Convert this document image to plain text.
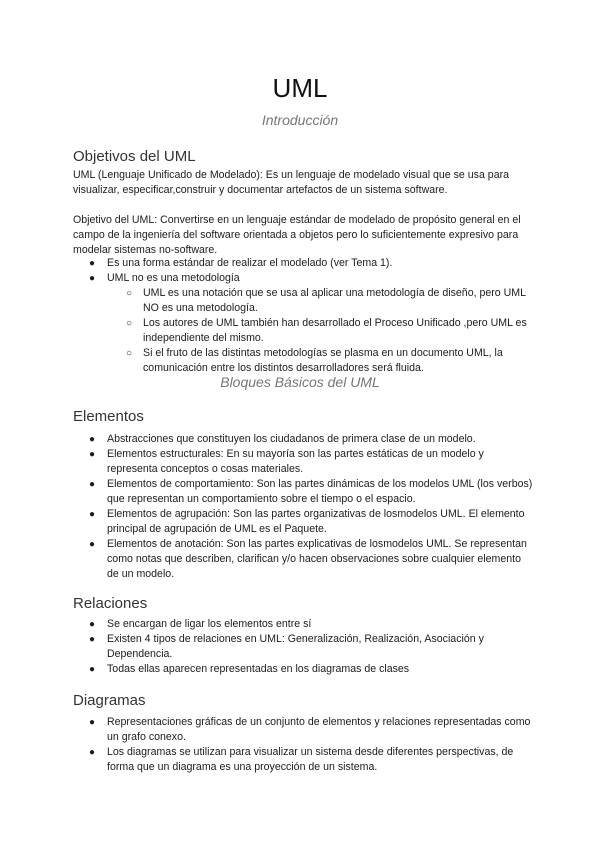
UML

Introducción

Objetivos del UML

UML (Lenguaje Unificado de Modelado): Es un lenguaje de modelado visual que se usa para visualizar, especificar,construir y documentar artefactos de un sistema software.

Objetivo del UML: Convertirse en un lenguaje estándar de modelado de propósito general en el campo de la ingeniería del software orientada a objetos pero lo suficientemente expresivo para modelar sistemas no-software.

● Es una forma estándar de realizar el modelado (ver Tema 1).
● UML no es una metodología
○ UML es una notación que se usa al aplicar una metodología de diseño, pero UML NO es una metodología.
○ Los autores de UML también han desarrollado el Proceso Unificado ,pero UML es independiente del mismo.
○ Si el fruto de las distintas metodologías se plasma en un documento UML, la comunicación entre los distintos desarrolladores será fluida.

Bloques Básicos del UML

Elementos
● Abstracciones que constituyen los ciudadanos de primera clase de un modelo.
● Elementos estructurales: En su mayoría son las partes estáticas de un modelo y representa conceptos o cosas materiales.
● Elementos de comportamiento: Son las partes dinámicas de los modelos UML (los verbos) que representan un comportamiento sobre el tiempo o el espacio.
● Elementos de agrupación: Son las partes organizativas de losmodelos UML. El elemento principal de agrupación de UML es el Paquete.
● Elementos de anotación: Son las partes explicativas de losmodelos UML. Se representan como notas que describen, clarifican y/o hacen observaciones sobre cualquier elemento de un modelo.
Relaciones
● Se encargan de ligar los elementos entre sí
● Existen 4 tipos de relaciones en UML: Generalización, Realización, Asociación y Dependencia.
● Todas ellas aparecen representadas en los diagramas de clases
Diagramas
● Representaciones gráficas de un conjunto de elementos y relaciones representadas como un grafo conexo.
● Los diagramas se utilizan para visualizar un sistema desde diferentes perspectivas, de forma que un diagrama es una proyección de un sistema.
